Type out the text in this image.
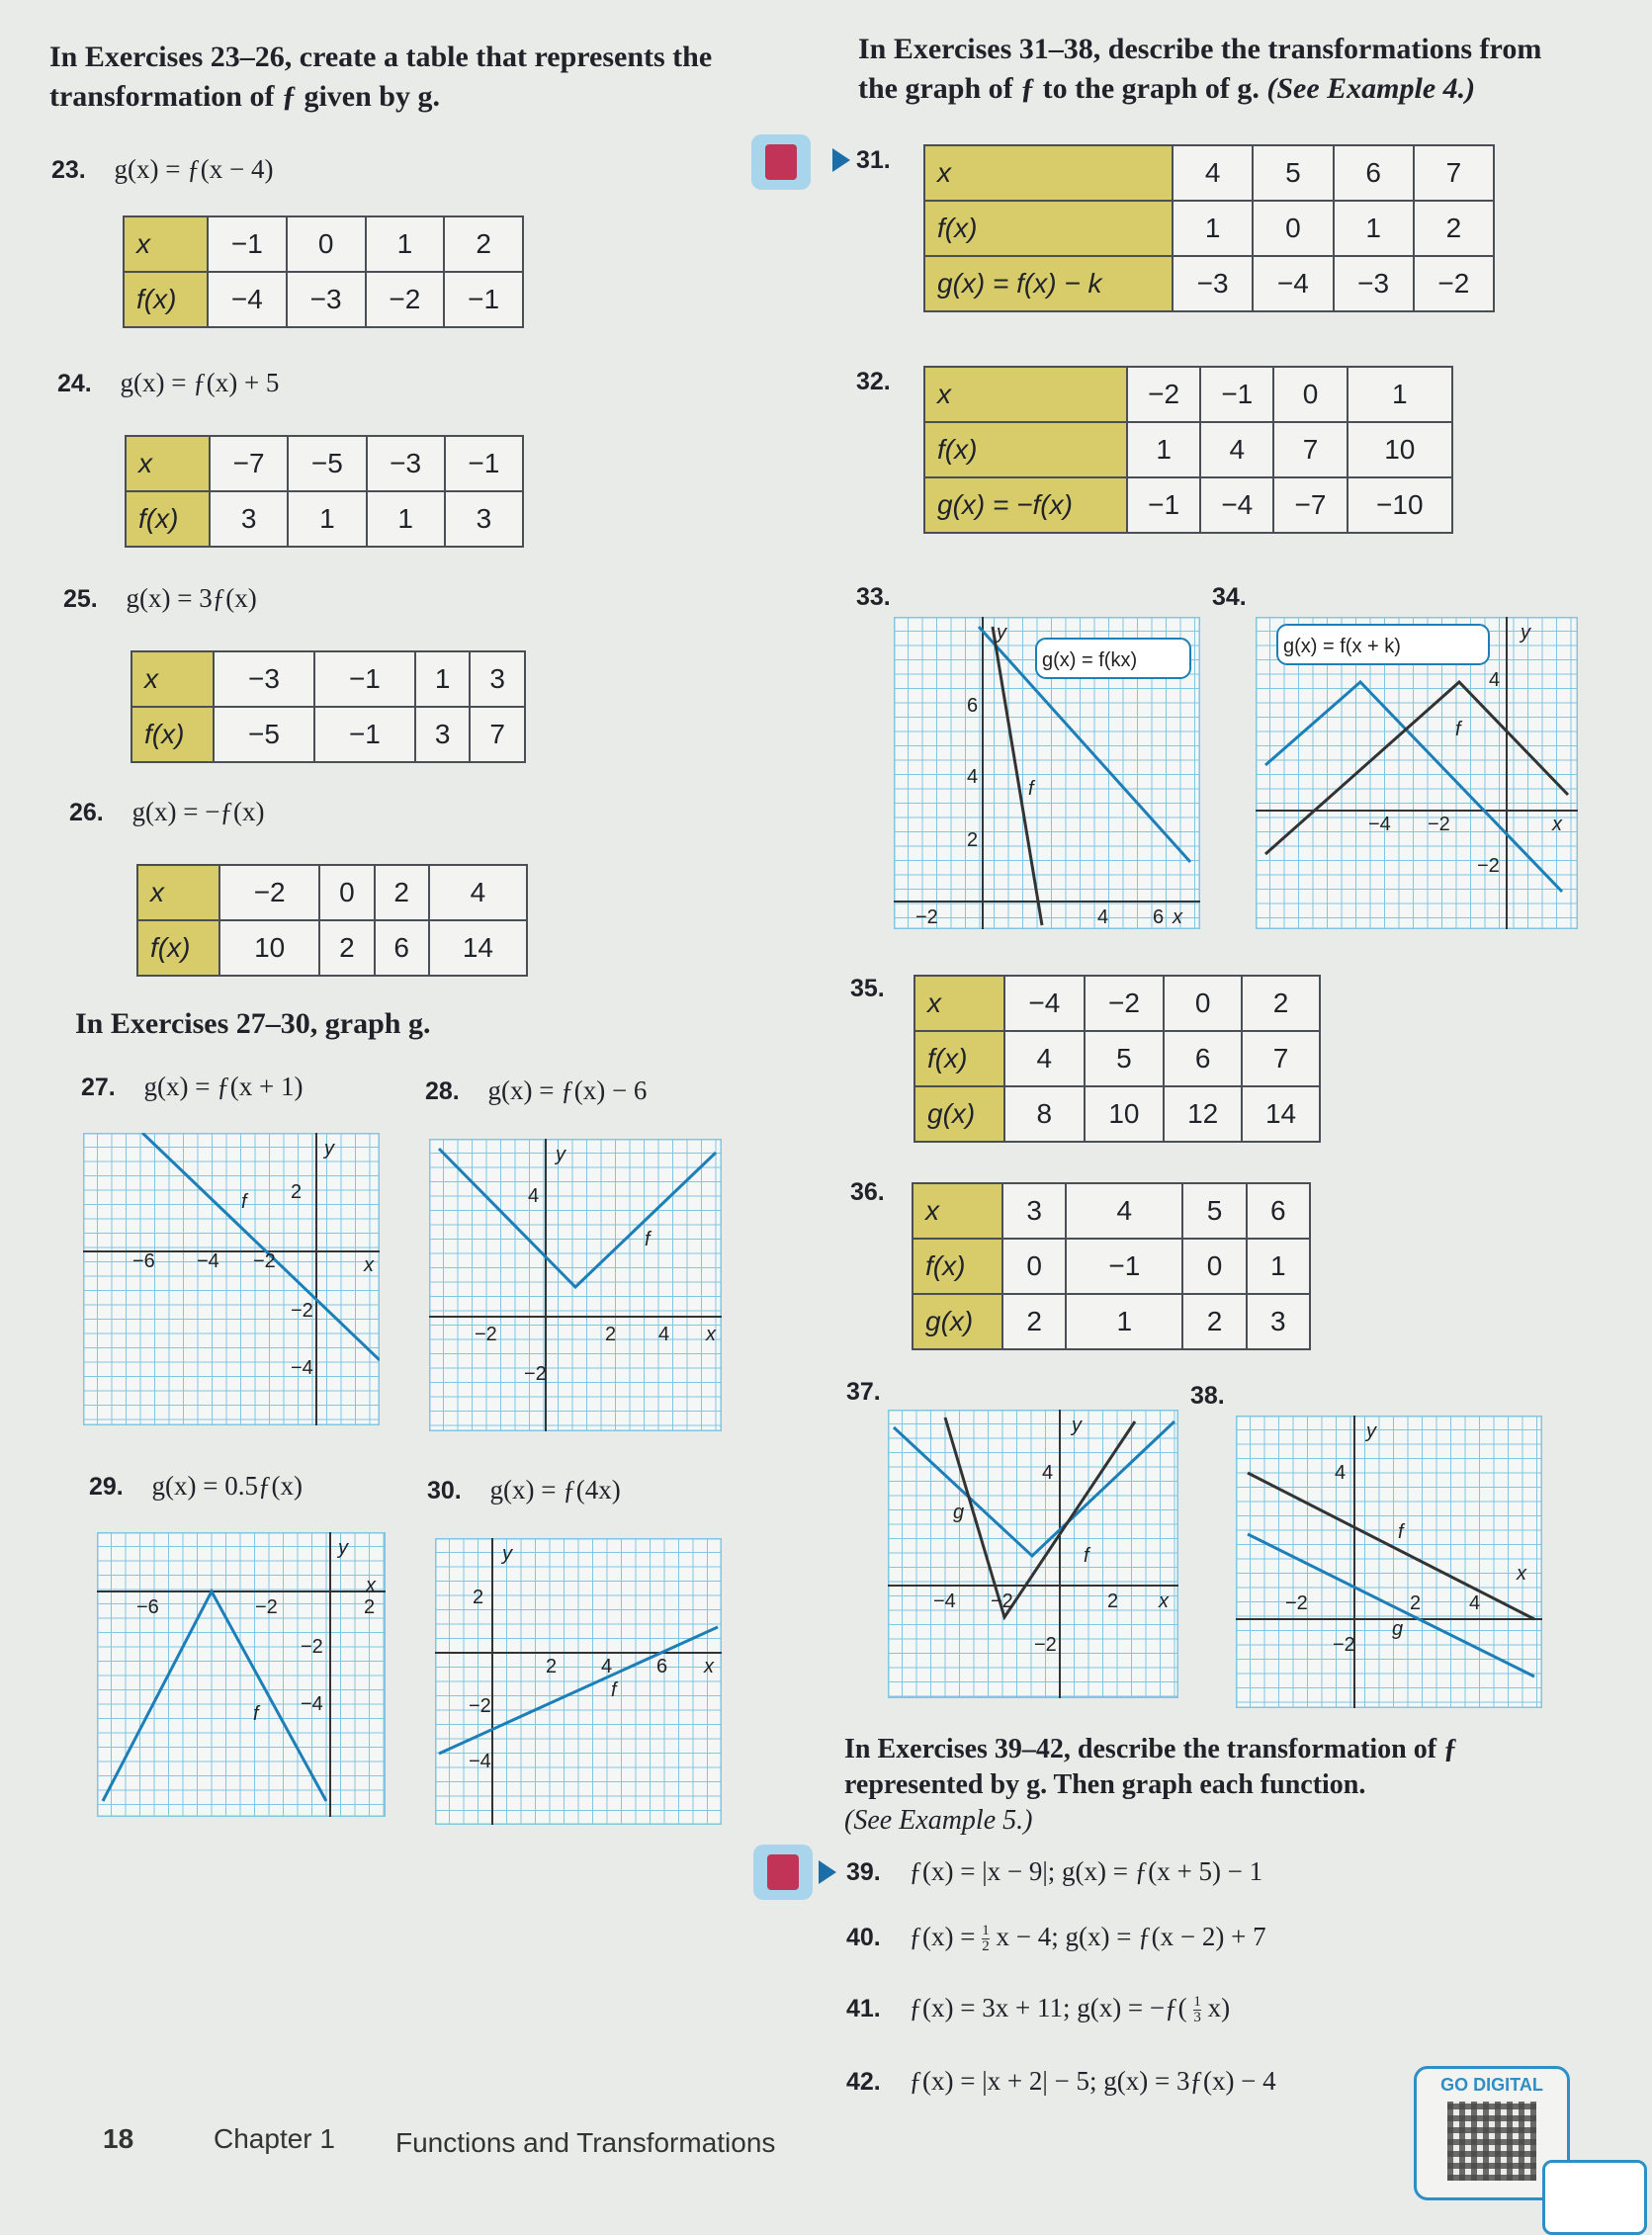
In Exercises 23–26, create a table that represents the
transformation of ƒ given by g.
In Exercises 31–38, describe the transformations from
the graph of ƒ to the graph of g. (See Example 4.)
23. g(x) = ƒ(x − 4)
x	−1	0	1	2
f(x)	−4	−3	−2	−1
24. g(x) = ƒ(x) + 5
x	−7	−5	−3	−1
f(x)	3	1	1	3
25. g(x) = 3ƒ(x)
x	−3	−1	1	3
f(x)	−5	−1	3	7
26. g(x) = −ƒ(x)
x	−2	0	2	4
f(x)	10	2	6	14
In Exercises 27–30, graph g.
27. g(x) = ƒ(x + 1)	28. g(x) = ƒ(x) − 6
−6 −4 −2
2
−2
−4
f
y
x
4
−2	2 4
−2
f
y
x
29. g(x) = 0.5ƒ(x)	30. g(x) = ƒ(4x)
−6	−2	2
−2
−4
f
y
x
2
2 4 6
−2
−4
f
y
x
31.	x	4	5	6	7
f(x)	1	0	1	2
g(x) = f(x) − k	−3	−4	−3	−2
32.	x	−2	−1	0	1
f(x)	1	4	7	10
g(x) = −f(x)	−1	−4	−7	−10
33.	34.
g(x) = f(kx)
6
4
2
−2	4 6
f
y
x
g(x) = f(x + k)
4
−4 −2
−2
f
y
x
35.	x	−4	−2	0	2
f(x)	4	5	6	7
g(x)	8	10	12	14
36.
x	3	4	5	6
f(x)	0	−1	0	1
g(x)	2	1	2	3
37.	38.
4
−4 −2	2
−2
f
g
y
x
4
−2	2 4
−2
f
g
y
x
In Exercises 39–42, describe the transformation of ƒ
represented by g. Then graph each function.
(See Example 5.)
39. ƒ(x) = |x − 9|; g(x) = ƒ(x + 5) − 1
40. ƒ(x) = $\frac{1}{2}$ x − 4; g(x) = ƒ(x − 2) + 7
41. ƒ(x) = 3x + 11; g(x) = −ƒ( $\frac{1}{3} x$)
42. ƒ(x) = |x + 2| − 5; g(x) = 3ƒ(x) − 4
18	Chapter 1 Functions and Transformations
GO DIGITAL
